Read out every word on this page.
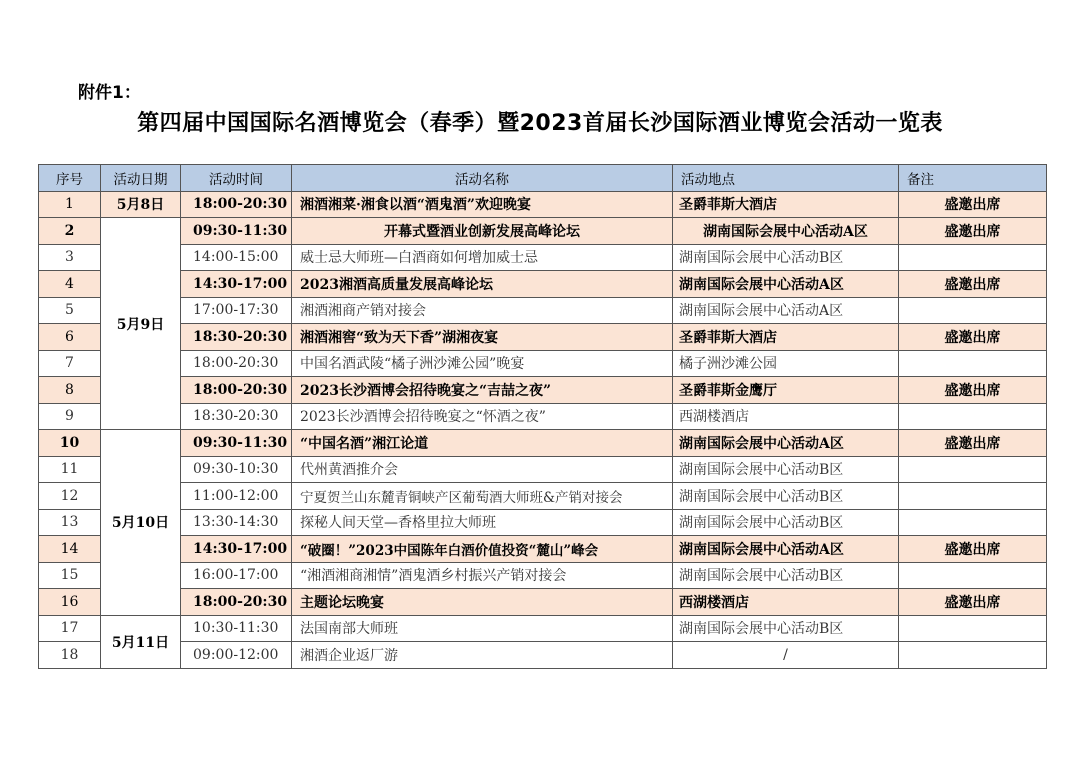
附件1：
第四届中国国际名酒博览会（春季）暨2023首届长沙国际酒业博览会活动一览表
序号	活动日期	活动时间	活动名称	活动地点	备注
1	5月8日	18:00-20:30	湘酒湘菜·湘食以酒“酒鬼酒”欢迎晚宴	圣爵菲斯大酒店	盛邀出席
2	5月9日	09:30-11:30	开幕式暨酒业创新发展高峰论坛	湖南国际会展中心活动A区	盛邀出席
3		14:00-15:00	威士忌大师班—白酒商如何增加威士忌	湖南国际会展中心活动B区	
4		14:30-17:00	2023湘酒高质量发展高峰论坛	湖南国际会展中心活动A区	盛邀出席
5		17:00-17:30	湘酒湘商产销对接会	湖南国际会展中心活动A区	
6		18:30-20:30	湘酒湘窖“致为天下香”湖湘夜宴	圣爵菲斯大酒店	盛邀出席
7		18:00-20:30	中国名酒武陵“橘子洲沙滩公园”晚宴	橘子洲沙滩公园	
8		18:00-20:30	2023长沙酒博会招待晚宴之“吉喆之夜”	圣爵菲斯金鹰厅	盛邀出席
9		18:30-20:30	2023长沙酒博会招待晚宴之“怀酒之夜”	西湖楼酒店	
10	5月10日	09:30-11:30	“中国名酒”湘江论道	湖南国际会展中心活动A区	盛邀出席
11		09:30-10:30	代州黄酒推介会	湖南国际会展中心活动B区	
12		11:00-12:00	宁夏贺兰山东麓青铜峡产区葡萄酒大师班&产销对接会	湖南国际会展中心活动B区	
13		13:30-14:30	探秘人间天堂—香格里拉大师班	湖南国际会展中心活动B区	
14		14:30-17:00	“破圈！”2023中国陈年白酒价值投资“麓山”峰会	湖南国际会展中心活动A区	盛邀出席
15		16:00-17:00	“湘酒湘商湘情”酒鬼酒乡村振兴产销对接会	湖南国际会展中心活动B区	
16		18:00-20:30	主题论坛晚宴	西湖楼酒店	盛邀出席
17	5月11日	10:30-11:30	法国南部大师班	湖南国际会展中心活动B区	
18		09:00-12:00	湘酒企业返厂游	/	
